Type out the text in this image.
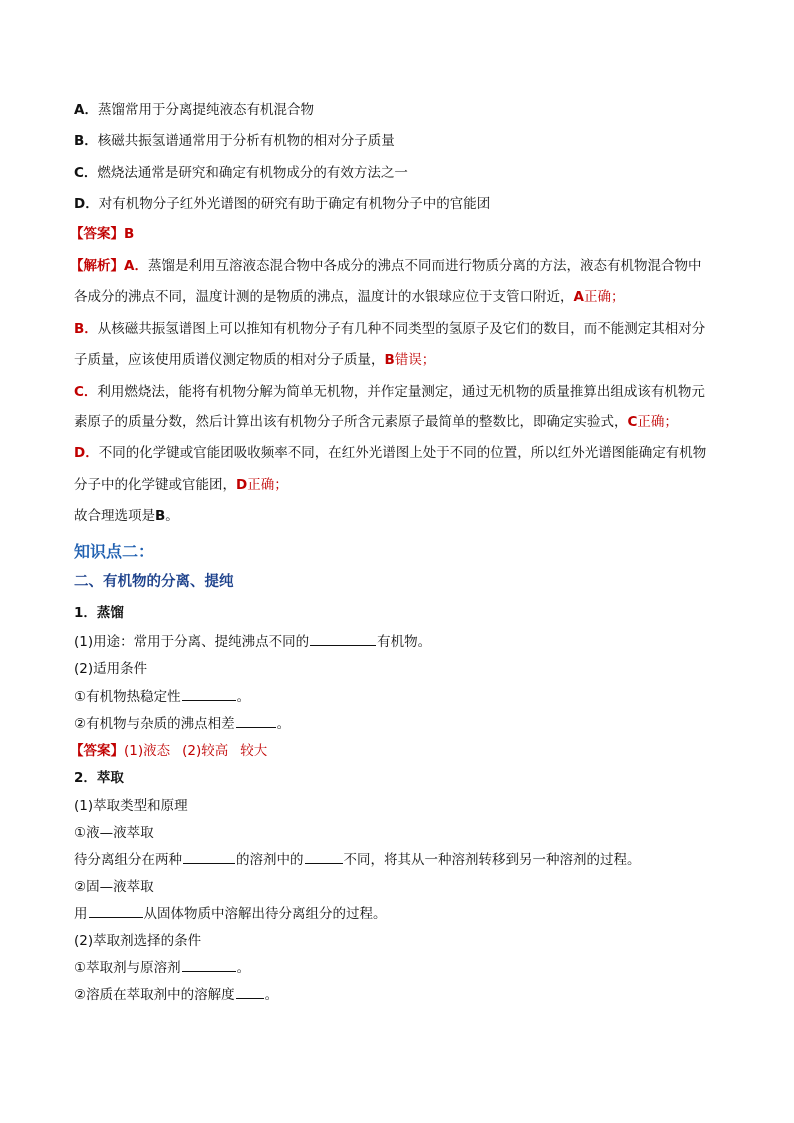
A．蒸馏常用于分离提纯液态有机混合物
B．核磁共振氢谱通常用于分析有机物的相对分子质量
C．燃烧法通常是研究和确定有机物成分的有效方法之一
D．对有机物分子红外光谱图的研究有助于确定有机物分子中的官能团
【答案】B
【解析】A．蒸馏是利用互溶液态混合物中各成分的沸点不同而进行物质分离的方法，液态有机物混合物中
各成分的沸点不同，温度计测的是物质的沸点，温度计的水银球应位于支管口附近，A正确；
B．从核磁共振氢谱图上可以推知有机物分子有几种不同类型的氢原子及它们的数目，而不能测定其相对分
子质量，应该使用质谱仪测定物质的相对分子质量，B错误；
C．利用燃烧法，能将有机物分解为简单无机物，并作定量测定，通过无机物的质量推算出组成该有机物元
素原子的质量分数，然后计算出该有机物分子所含元素原子最简单的整数比，即确定实验式，C正确；
D．不同的化学键或官能团吸收频率不同，在红外光谱图上处于不同的位置，所以红外光谱图能确定有机物
分子中的化学键或官能团，D正确；
故合理选项是B。
知识点二：
二、有机物的分离、提纯
1．蒸馏
(1)用途：常用于分离、提纯沸点不同的	有机物。
(2)适用条件
①有机物热稳定性	。
②有机物与杂质的沸点相差	。
【答案】(1)液态 (2)较高 较大
2．萃取
(1)萃取类型和原理
①液—液萃取
待分离组分在两种	的溶剂中的	不同，将其从一种溶剂转移到另一种溶剂的过程。
②固—液萃取
用	从固体物质中溶解出待分离组分的过程。
(2)萃取剂选择的条件
①萃取剂与原溶剂	。
②溶质在萃取剂中的溶解度 。
